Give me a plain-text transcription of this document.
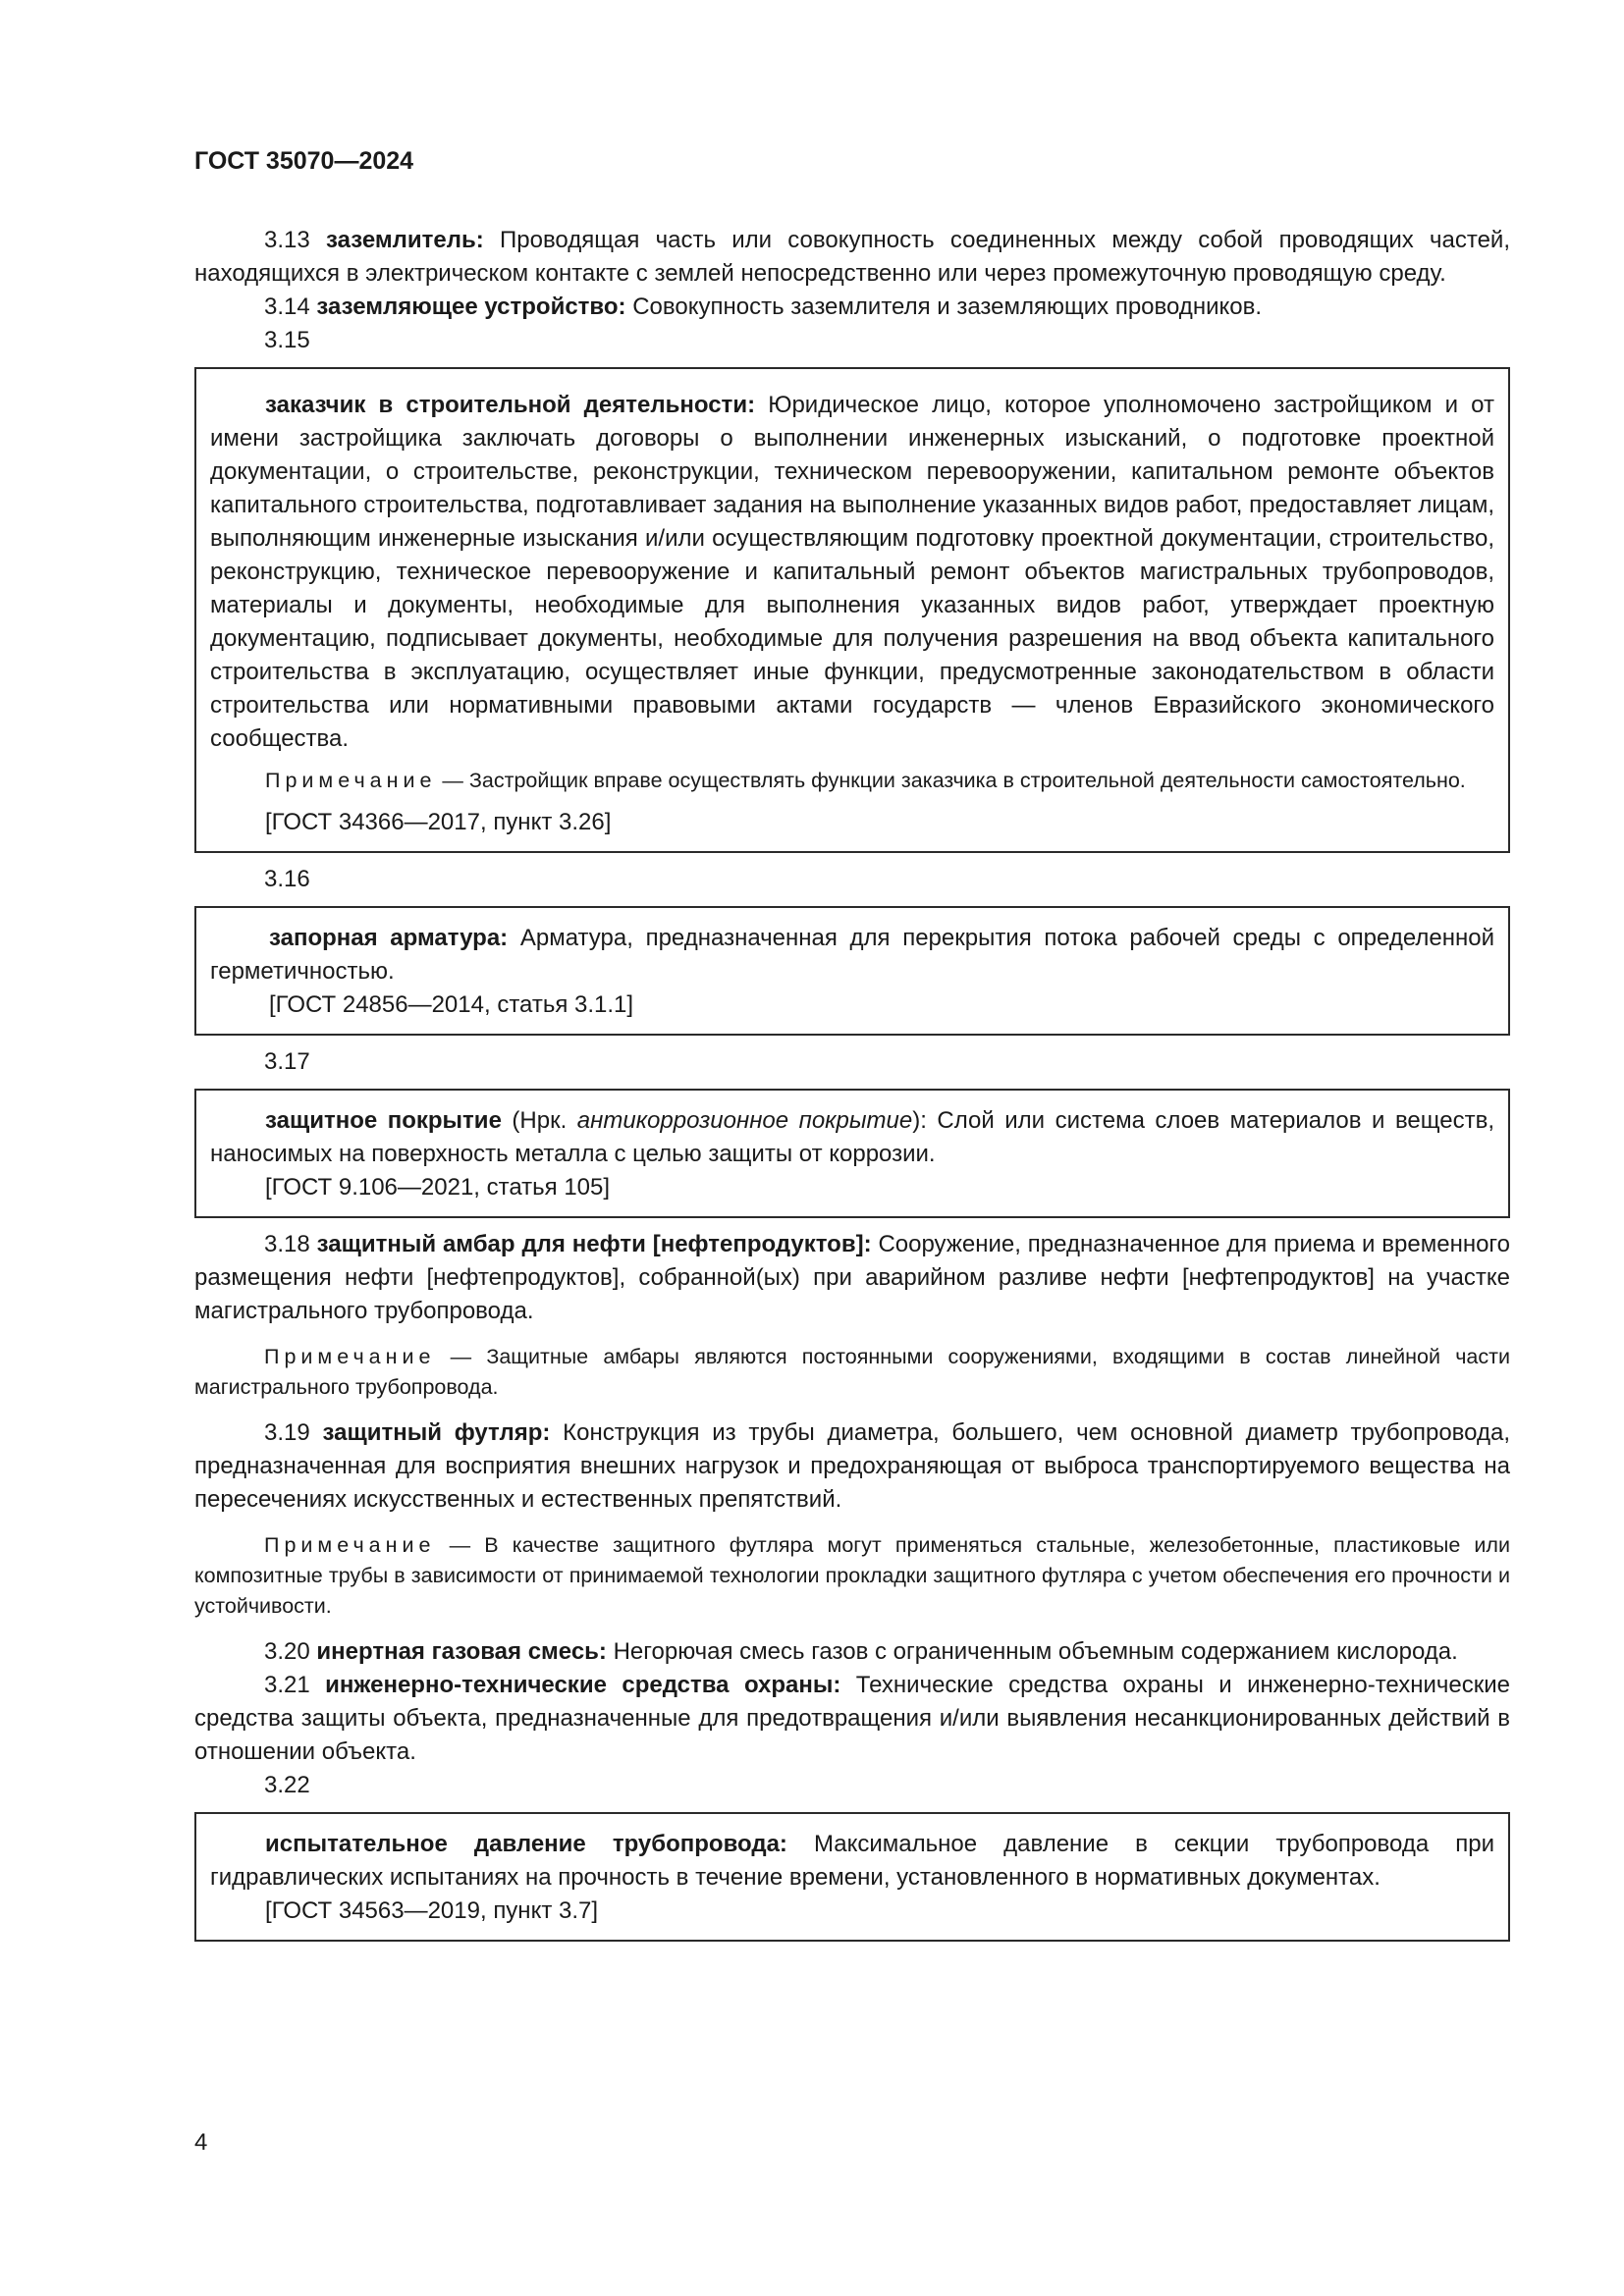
ГОСТ 35070—2024

3.13 заземлитель: Проводящая часть или совокупность соединенных между собой проводящих частей, находящихся в электрическом контакте с землей непосредственно или через промежуточную проводящую среду.

3.14 заземляющее устройство: Совокупность заземлителя и заземляющих проводников.

3.15

заказчик в строительной деятельности: Юридическое лицо, которое уполномочено застройщиком и от имени застройщика заключать договоры о выполнении инженерных изысканий, о подготовке проектной документации, о строительстве, реконструкции, техническом перевооружении, капитальном ремонте объектов капитального строительства, подготавливает задания на выполнение указанных видов работ, предоставляет лицам, выполняющим инженерные изыскания и/или осуществляющим подготовку проектной документации, строительство, реконструкцию, техническое перевооружение и капитальный ремонт объектов магистральных трубопроводов, материалы и документы, необходимые для выполнения указанных видов работ, утверждает проектную документацию, подписывает документы, необходимые для получения разрешения на ввод объекта капитального строительства в эксплуатацию, осуществляет иные функции, предусмотренные законодательством в области строительства или нормативными правовыми актами государств — членов Евразийского экономического сообщества.

Примечание — Застройщик вправе осуществлять функции заказчика в строительной деятельности самостоятельно.

[ГОСТ 34366—2017, пункт 3.26]
3.16

запорная арматура: Арматура, предназначенная для перекрытия потока рабочей среды с определенной герметичностью.

[ГОСТ 24856—2014, статья 3.1.1]
3.17

защитное покрытие (Нрк. антикоррозионное покрытие): Слой или система слоев материалов и веществ, наносимых на поверхность металла с целью защиты от коррозии.

[ГОСТ 9.106—2021, статья 105]

3.18 защитный амбар для нефти [нефтепродуктов]: Сооружение, предназначенное для приема и временного размещения нефти [нефтепродуктов], собранной(ых) при аварийном разливе нефти [нефтепродуктов] на участке магистрального трубопровода.

Примечание — Защитные амбары являются постоянными сооружениями, входящими в состав линейной части магистрального трубопровода.

3.19 защитный футляр: Конструкция из трубы диаметра, большего, чем основной диаметр трубопровода, предназначенная для восприятия внешних нагрузок и предохраняющая от выброса транспортируемого вещества на пересечениях искусственных и естественных препятствий.

Примечание — В качестве защитного футляра могут применяться стальные, железобетонные, пластиковые или композитные трубы в зависимости от принимаемой технологии прокладки защитного футляра с учетом обеспечения его прочности и устойчивости.

3.20 инертная газовая смесь: Негорючая смесь газов с ограниченным объемным содержанием кислорода.

3.21 инженерно-технические средства охраны: Технические средства охраны и инженерно-технические средства защиты объекта, предназначенные для предотвращения и/или выявления несанкционированных действий в отношении объекта.

3.22

испытательное давление трубопровода: Максимальное давление в секции трубопровода при гидравлических испытаниях на прочность в течение времени, установленного в нормативных документах.

[ГОСТ 34563—2019, пункт 3.7]
4
